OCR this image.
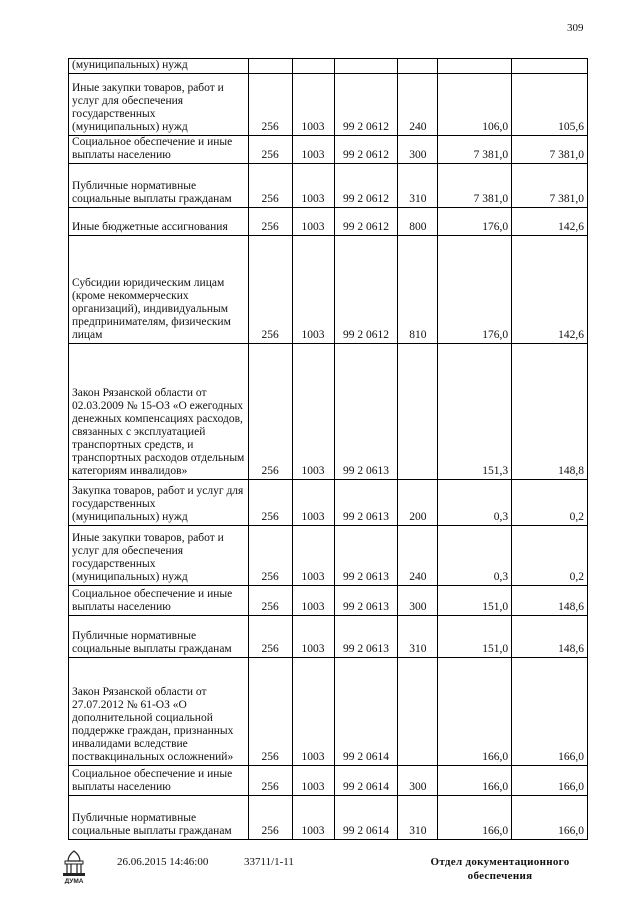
309
(муниципальных) нужд						
Иные закупки товаров, работ и услуг для обеспечения государственных (муниципальных) нужд	256	1003	99 2 0612	240	106,0	105,6
Социальное обеспечение и иные выплаты населению	256	1003	99 2 0612	300	7 381,0	7 381,0
Публичные нормативные социальные выплаты гражданам	256	1003	99 2 0612	310	7 381,0	7 381,0
Иные бюджетные ассигнования	256	1003	99 2 0612	800	176,0	142,6
Субсидии юридическим лицам (кроме некоммерческих организаций), индивидуальным предпринимателям, физическим лицам	256	1003	99 2 0612	810	176,0	142,6
Закон Рязанской области от 02.03.2009 № 15-ОЗ «О ежегодных денежных компенсациях расходов, связанных с эксплуатацией транспортных средств, и транспортных расходов отдельным категориям инвалидов»	256	1003	99 2 0613		151,3	148,8
Закупка товаров, работ и услуг для государственных (муниципальных) нужд	256	1003	99 2 0613	200	0,3	0,2
Иные закупки товаров, работ и услуг для обеспечения государственных (муниципальных) нужд	256	1003	99 2 0613	240	0,3	0,2
Социальное обеспечение и иные выплаты населению	256	1003	99 2 0613	300	151,0	148,6
Публичные нормативные социальные выплаты гражданам	256	1003	99 2 0613	310	151,0	148,6
Закон Рязанской области от 27.07.2012 № 61-ОЗ «О дополнительной социальной поддержке граждан, признанных инвалидами вследствие поствакцинальных осложнений»	256	1003	99 2 0614		166,0	166,0
Социальное обеспечение и иные выплаты населению	256	1003	99 2 0614	300	166,0	166,0
Публичные нормативные социальные выплаты гражданам	256	1003	99 2 0614	310	166,0	166,0
ДУМА
26.06.2015 14:46:00	33711/1-11	Отдел документационного обеспечения
